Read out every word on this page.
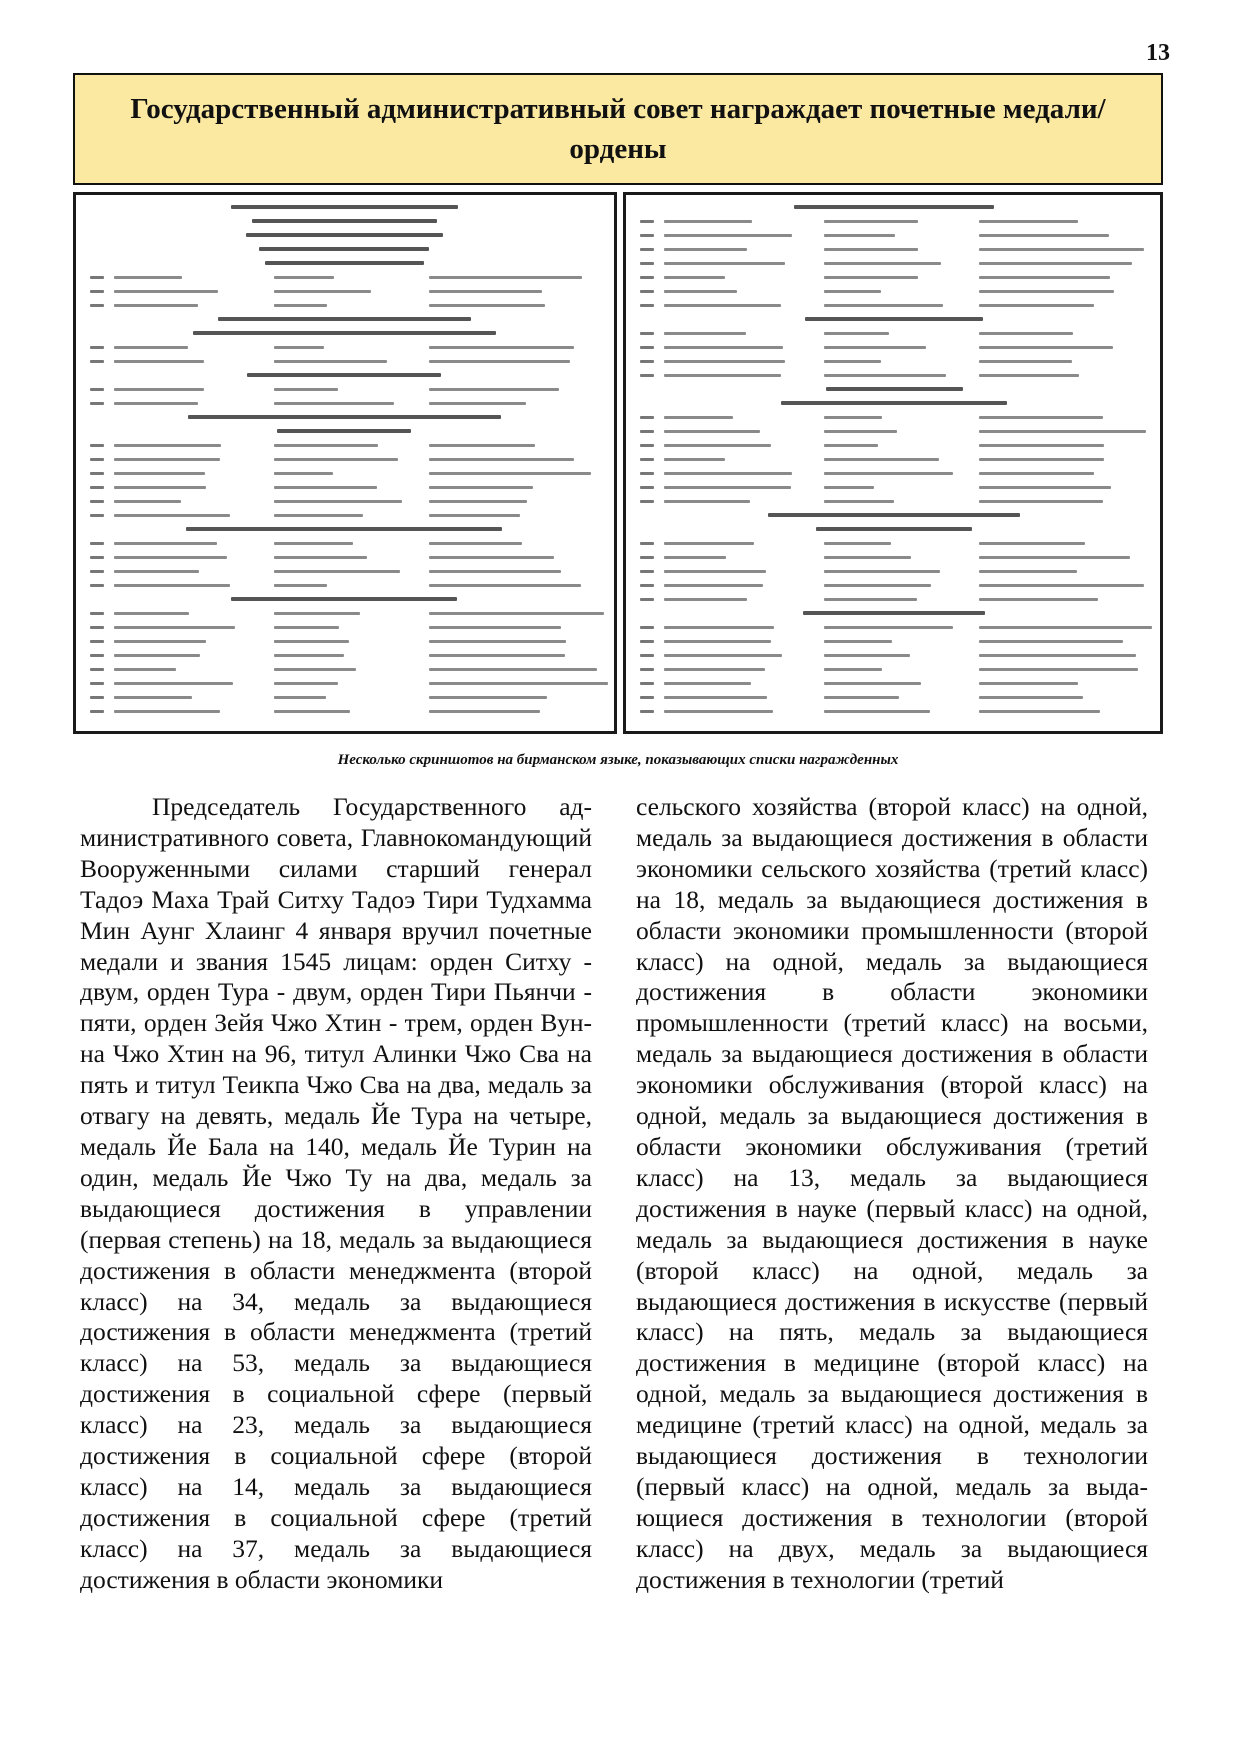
13
Государственный административный совет награждает почетные медали/ ордены
Несколько скриншотов на бирманском языке, показывающих списки награжденных

Председатель Государственного административного совета, Главнокомандующий Вооруженными силами старший генерал Тадоэ Маха Трай Ситху Тадоэ Тири Тудхамма Мин Аунг Хлаинг 4 января вручил почетные медали и звания 1545 лицам: орден Ситху - двум, орден Тура - двум, орден Тири Пьянчи - пяти, орден Зейя Чжо Хтин - трем, орден Вунна Чжо Хтин на 96, титул Алинки Чжо Сва на пять и титул Теикпа Чжо Сва на два, медаль за отвагу на девять, медаль Йе Тура на четыре, медаль Йе Бала на 140, медаль Йе Турин на один, медаль Йе Чжо Ту на два, медаль за выдающиеся достижения в управлении (первая степень) на 18, медаль за выдающиеся достижения в области менеджмента (второй класс) на 34, медаль за выдающиеся достижения в области менеджмента (третий класс) на 53, медаль за выдающиеся достижения в социальной сфере (первый класс) на 23, медаль за выдающиеся достижения в социальной сфере (второй класс) на 14, медаль за выдающиеся достижения в социальной сфере (третий класс) на 37, медаль за выдающиеся достижения в области экономики

сельского хозяйства (второй класс) на одной, медаль за выдающиеся достижения в области экономики сельского хозяйства (третий класс) на 18, медаль за выдающиеся достижения в области экономики промышленности (второй класс) на одной, медаль за выдающиеся достижения в области экономики промышленности (третий класс) на восьми, медаль за выдающиеся достижения в области экономики обслуживания (второй класс) на одной, медаль за выдающиеся достижения в области экономики обслуживания (третий класс) на 13, медаль за выдающиеся достижения в науке (первый класс) на одной, медаль за выдающиеся достижения в науке (второй класс) на одной, медаль за выдающиеся достижения в искусстве (первый класс) на пять, медаль за выдающиеся достижения в медицине (второй класс) на одной, медаль за выдающиеся достижения в медицине (третий класс) на одной, медаль за выдающиеся достижения в технологии (первый класс) на одной, медаль за выдающиеся достижения в технологии (второй класс) на двух, медаль за выдающиеся достижения в технологии (третий
